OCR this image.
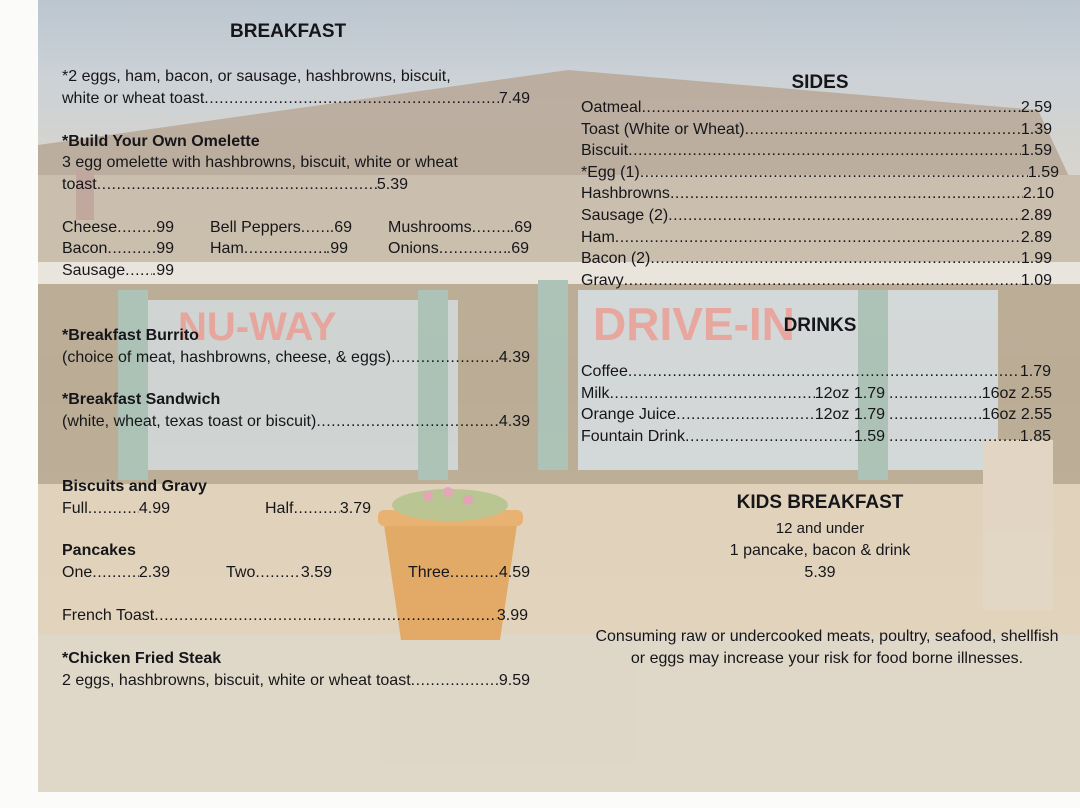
NU-WAY	DRIVE-IN
BREAKFAST
*2 eggs, ham, bacon, or sausage, hashbrowns, biscuit,
white or wheat toast .....	7.49
*Build Your Own Omelette
3 egg omelette with hashbrowns, biscuit, white or wheat
toast .....	5.39
Cheese ..... .99 Bell Peppers ..... .69 Mushrooms ..... .69
Bacon .....	.99 Ham .....	.99	Onions .....	.69
Sausage ..... .99
*Breakfast Burrito
(choice of meat, hashbrowns, cheese, & eggs) .....	4.39
*Breakfast Sandwich
(white, wheat, texas toast or biscuit) .....	4.39
Biscuits and Gravy
Full .....	4.99	Half .....	3.79
Pancakes
One .....	2.39	Two .....	3.59	Three .....	4.59
French Toast .....	3.99
*Chicken Fried Steak
2 eggs, hashbrowns, biscuit, white or wheat toast .....	9.59
SIDES
Oatmeal .....	2.59
Toast (White or Wheat) .....	1.39
Biscuit .....	1.59
*Egg (1) .....	1.59
Hashbrowns .....	2.10
Sausage (2) .....	2.89
Ham .....	2.89
Bacon (2) .....	1.99
Gravy .....	1.09
DRINKS
Coffee .....	1.79
Milk .....	12oz 1.79 .....	16oz 2.55
Orange Juice .....	12oz 1.79 .....	16oz 2.55
Fountain Drink .....	1.59 .....	1.85
KIDS BREAKFAST
12 and under
1 pancake, bacon & drink
5.39
Consuming raw or undercooked meats, poultry, seafood, shellfish or eggs may increase your risk for food borne illnesses.
